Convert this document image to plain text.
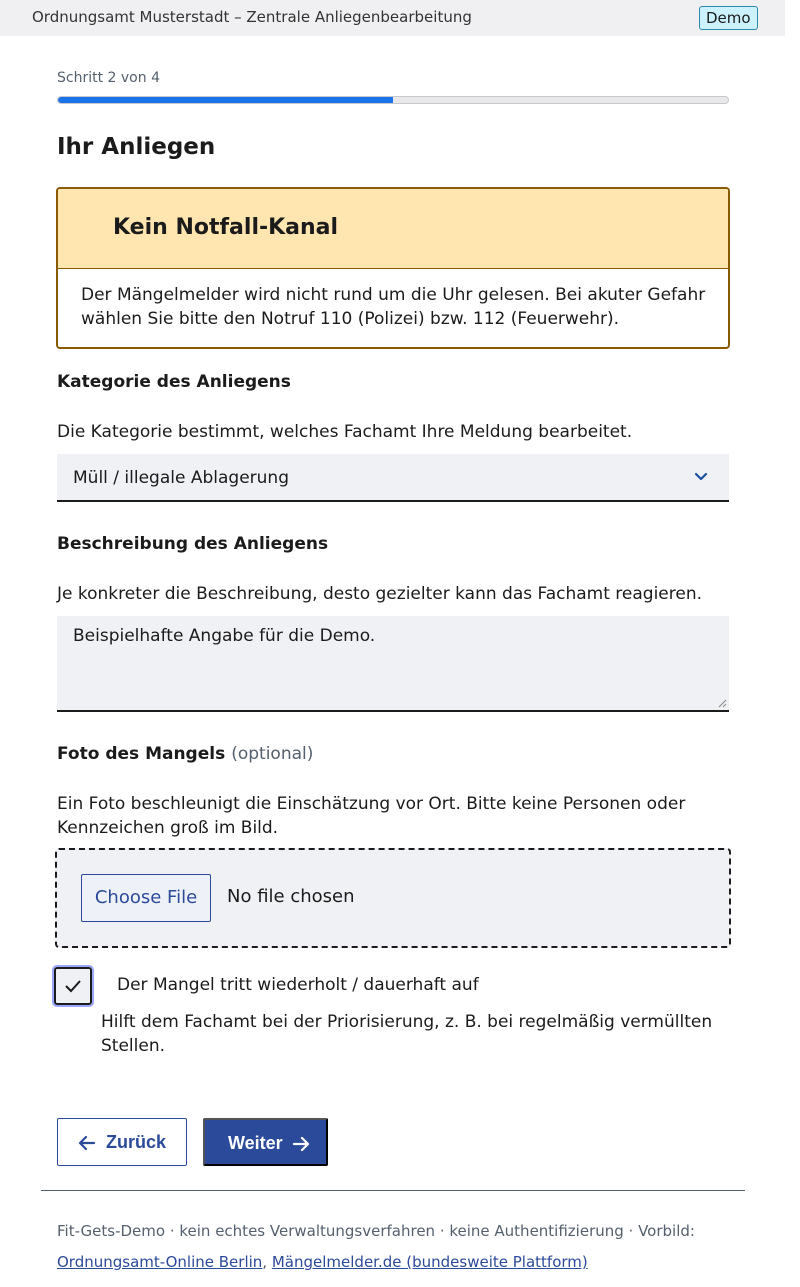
Ordnungsamt Musterstadt – Zentrale Anliegenbearbeitung	Demo
Schritt 2 von 4
Ihr Anliegen
Kein Notfall-Kanal
Der Mängelmelder wird nicht rund um die Uhr gelesen. Bei akuter Gefahr wählen Sie bitte den Notruf 110 (Polizei) bzw. 112 (Feuerwehr).
Kategorie des Anliegens
Die Kategorie bestimmt, welches Fachamt Ihre Meldung bearbeitet.
Müll / illegale Ablagerung
Beschreibung des Anliegens
Je konkreter die Beschreibung, desto gezielter kann das Fachamt reagieren.
Beispielhafte Angabe für die Demo.
Foto des Mangels (optional)
Ein Foto beschleunigt die Einschätzung vor Ort. Bitte keine Personen oder Kennzeichen groß im Bild.
Choose File	No file chosen
Der Mangel tritt wiederholt / dauerhaft auf
Hilft dem Fachamt bei der Priorisierung, z. B. bei regelmäßig vermüllten Stellen.
Zurück	Weiter
Fit-Gets-Demo · kein echtes Verwaltungsverfahren · keine Authentifizierung · Vorbild:
Ordnungsamt-Online Berlin, Mängelmelder.de (bundesweite Plattform)
